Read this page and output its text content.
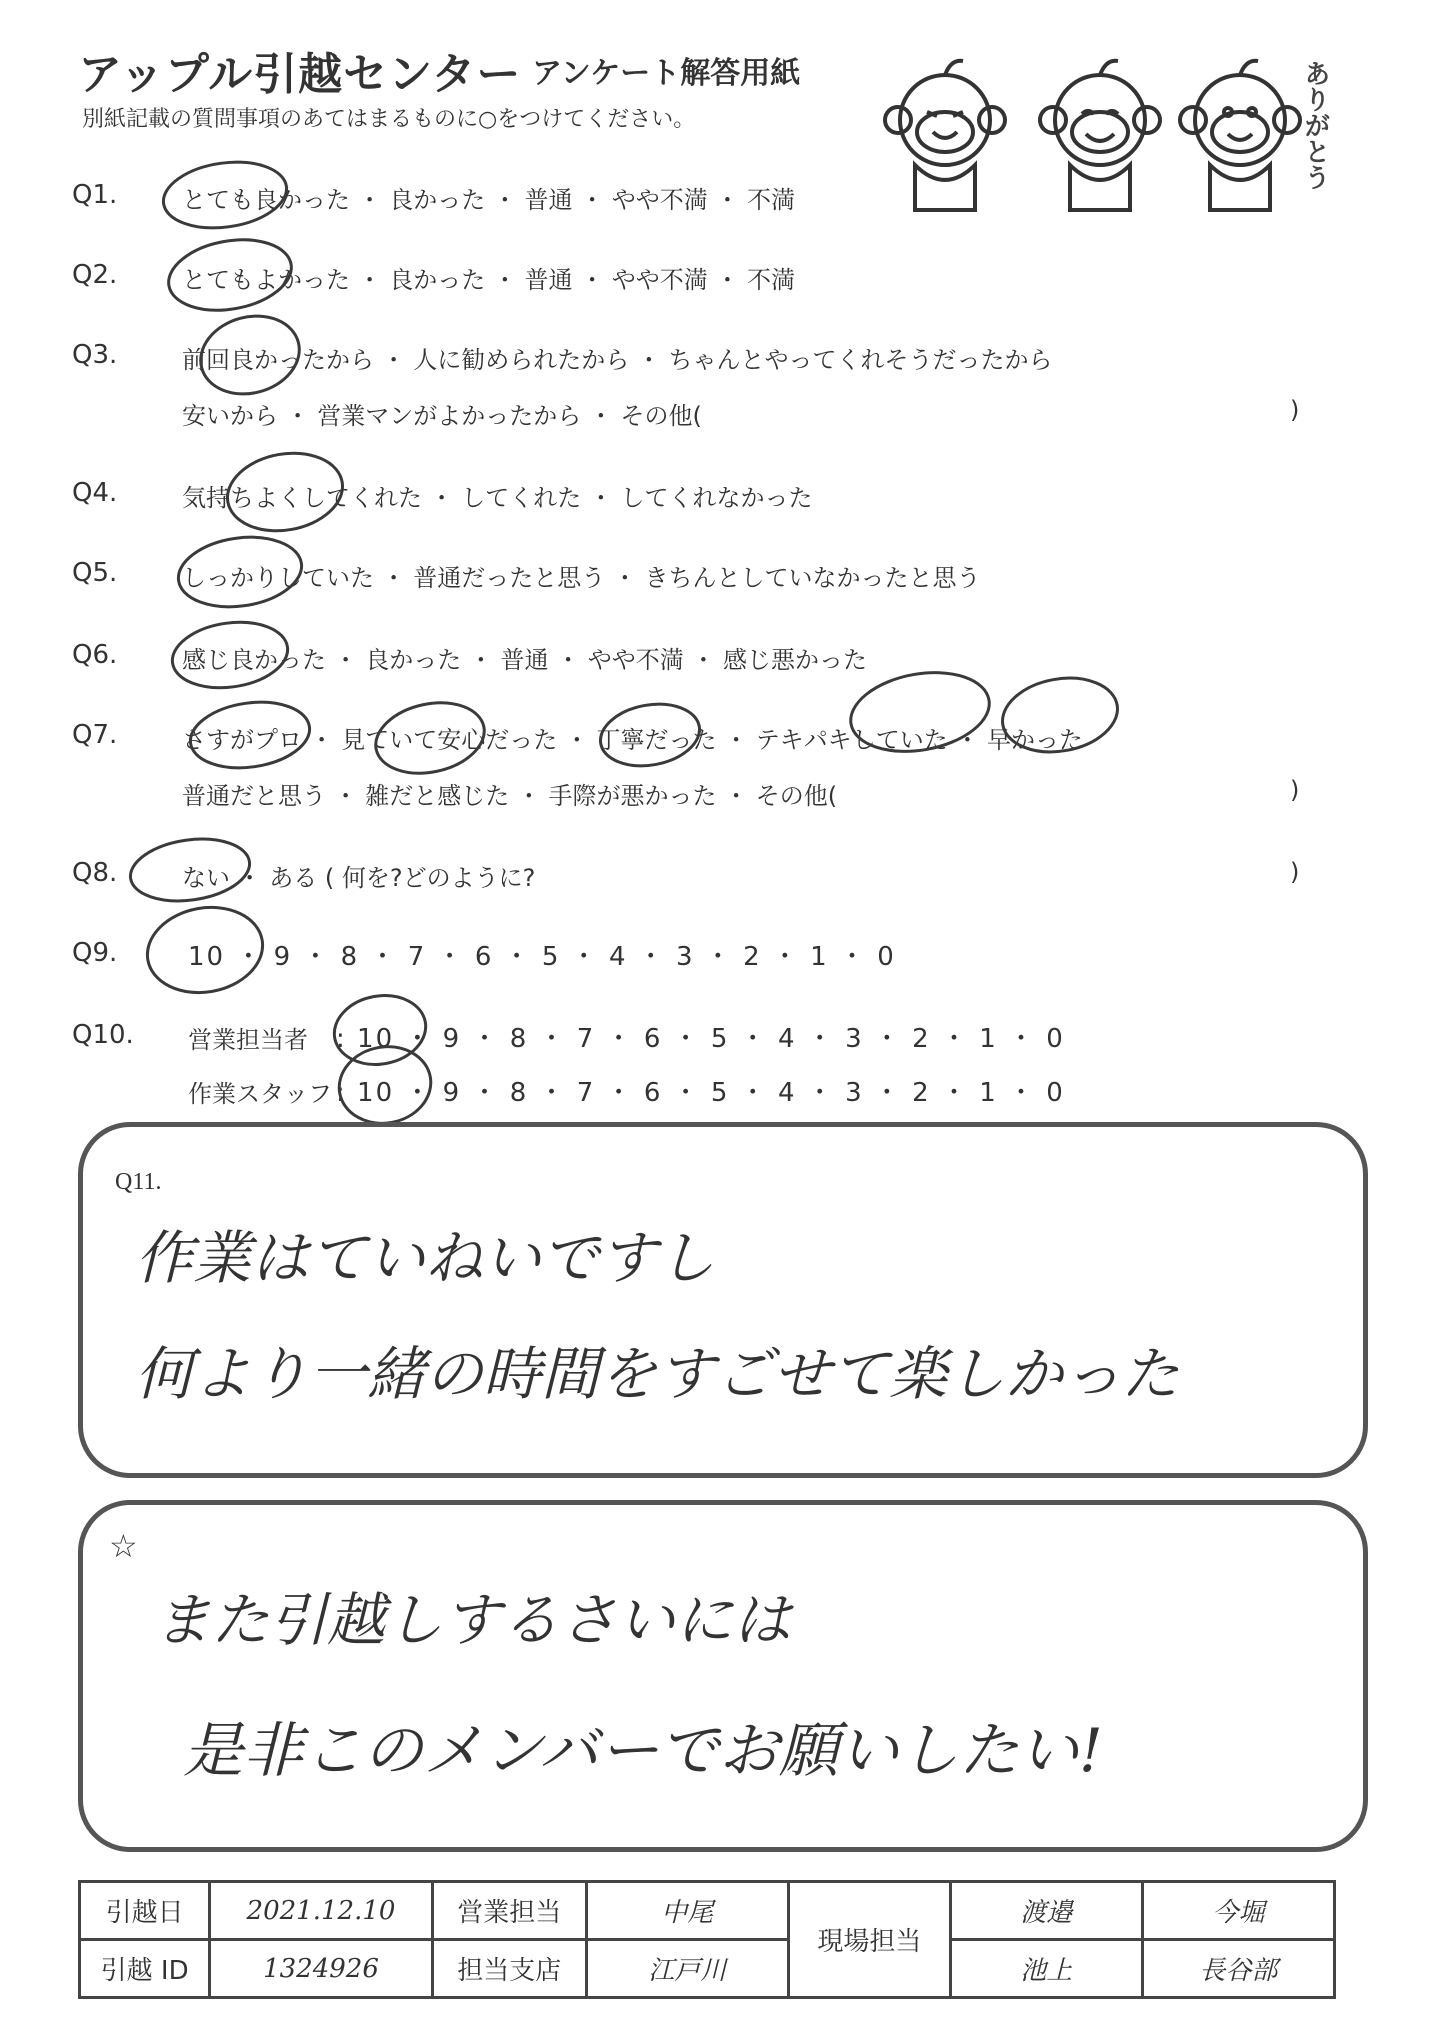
アップル引越センター アンケート解答用紙
別紙記載の質問事項のあてはまるものに○をつけてください。	ありがとう
Q1.	とても良かった ・ 良かった ・ 普通 ・ やや不満 ・ 不満
Q2.	とてもよかった ・ 良かった ・ 普通 ・ やや不満 ・ 不満
Q3.	前回良かったから ・ 人に勧められたから ・ ちゃんとやってくれそうだったから
安いから ・ 営業マンがよかったから ・ その他(	)
Q4.	気持ちよくしてくれた ・ してくれた ・ してくれなかった
Q5.	しっかりしていた ・ 普通だったと思う ・ きちんとしていなかったと思う
Q6.	感じ良かった ・ 良かった ・ 普通 ・ やや不満 ・ 感じ悪かった
Q7.	さすがプロ ・ 見ていて安心だった ・ 丁寧だった ・ テキパキしていた ・ 早かった
普通だと思う ・ 雑だと感じた ・ 手際が悪かった ・ その他(	)
Q8.	ない ・ ある ( 何を?どのように?	)
Q9.	10 ・ 9 ・ 8 ・ 7 ・ 6 ・ 5 ・ 4 ・ 3 ・ 2 ・ 1 ・ 0
Q10. 営業担当者 : 10 ・ 9 ・ 8 ・ 7 ・ 6 ・ 5 ・ 4 ・ 3 ・ 2 ・ 1 ・ 0
作業スタッフ : 10 ・ 9 ・ 8 ・ 7 ・ 6 ・ 5 ・ 4 ・ 3 ・ 2 ・ 1 ・ 0
Q11.
作業はていねいですし
何より一緒の時間をすごせて楽しかった
☆
また引越しするさいには
是非このメンバーでお願いしたい!
引越日	2021.12.10	営業担当	中尾	現場担当	渡邉	今堀
引越 ID	1324926	担当支店	江戸川		池上	長谷部
